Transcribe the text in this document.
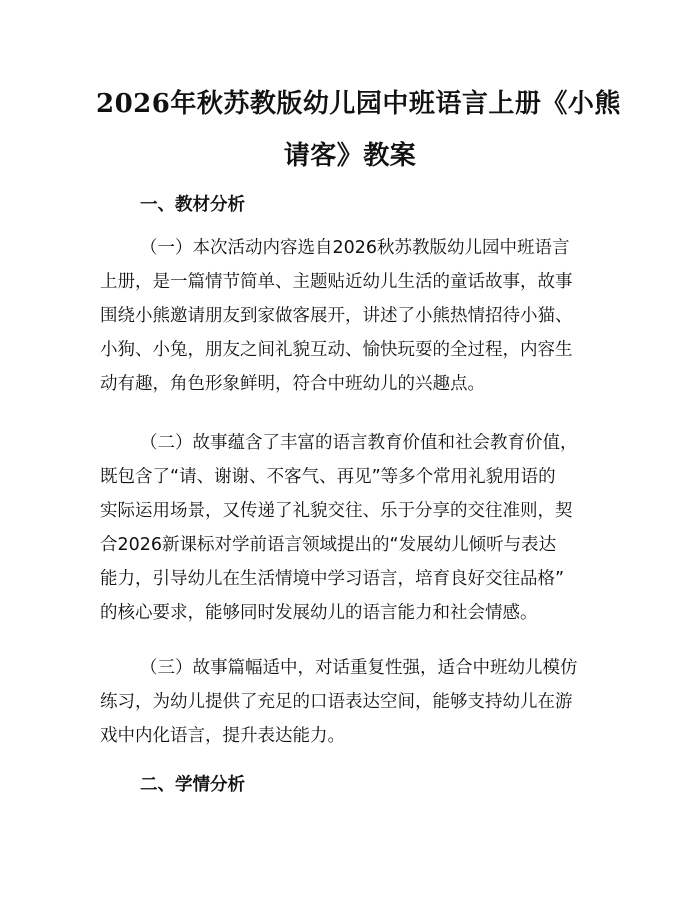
2026年秋苏教版幼儿园中班语言上册《小熊
请客》教案
一、教材分析

（一）本次活动内容选自2026秋苏教版幼儿园中班语言
上册，是一篇情节简单、主题贴近幼儿生活的童话故事，故事
围绕小熊邀请朋友到家做客展开，讲述了小熊热情招待小猫、
小狗、小兔，朋友之间礼貌互动、愉快玩耍的全过程，内容生
动有趣，角色形象鲜明，符合中班幼儿的兴趣点。

（二）故事蕴含了丰富的语言教育价值和社会教育价值，
既包含了“请、谢谢、不客气、再见”等多个常用礼貌用语的
实际运用场景，又传递了礼貌交往、乐于分享的交往准则，契
合2026新课标对学前语言领域提出的“发展幼儿倾听与表达
能力，引导幼儿在生活情境中学习语言，培育良好交往品格”
的核心要求，能够同时发展幼儿的语言能力和社会情感。

（三）故事篇幅适中，对话重复性强，适合中班幼儿模仿
练习，为幼儿提供了充足的口语表达空间，能够支持幼儿在游
戏中内化语言，提升表达能力。

二、学情分析
